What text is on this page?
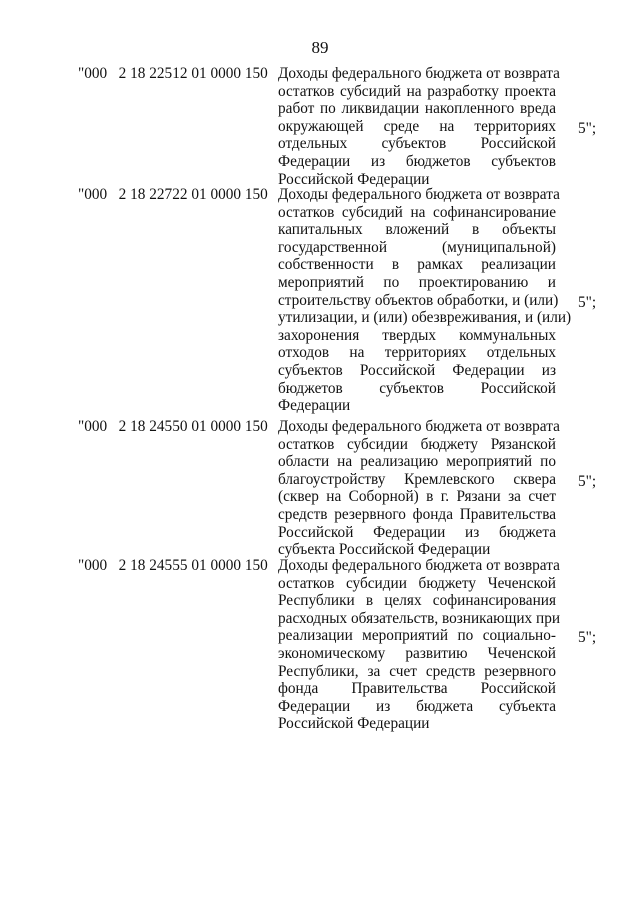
89
"000   2 18 22512 01 0000 150 Доходы федерального бюджета от возврата
остатков субсидий на разработку проекта
работ по ликвидации накопленного вреда
окружающей среде на территориях
отдельных субъектов Российской
Федерации из бюджетов субъектов
Российской Федерации
5";
"000   2 18 22722 01 0000 150 Доходы федерального бюджета от возврата
остатков субсидий на софинансирование
капитальных вложений в объекты
государственной (муниципальной)
собственности в рамках реализации
мероприятий по проектированию и
строительству объектов обработки, и (или)
утилизации, и (или) обезвреживания, и (или)
захоронения твердых коммунальных
отходов на территориях отдельных
субъектов Российской Федерации из
бюджетов субъектов Российской
Федерации
5";
"000   2 18 24550 01 0000 150 Доходы федерального бюджета от возврата
остатков субсидии бюджету Рязанской
области на реализацию мероприятий по
благоустройству Кремлевского сквера
(сквер на Соборной) в г. Рязани за счет
средств резервного фонда Правительства
Российской Федерации из бюджета
субъекта Российской Федерации
5";
"000   2 18 24555 01 0000 150 Доходы федерального бюджета от возврата
остатков субсидии бюджету Чеченской
Республики в целях софинансирования
расходных обязательств, возникающих при
реализации мероприятий по социально-
экономическому развитию Чеченской
Республики, за счет средств резервного
фонда Правительства Российской
Федерации из бюджета субъекта
Российской Федерации
5";
